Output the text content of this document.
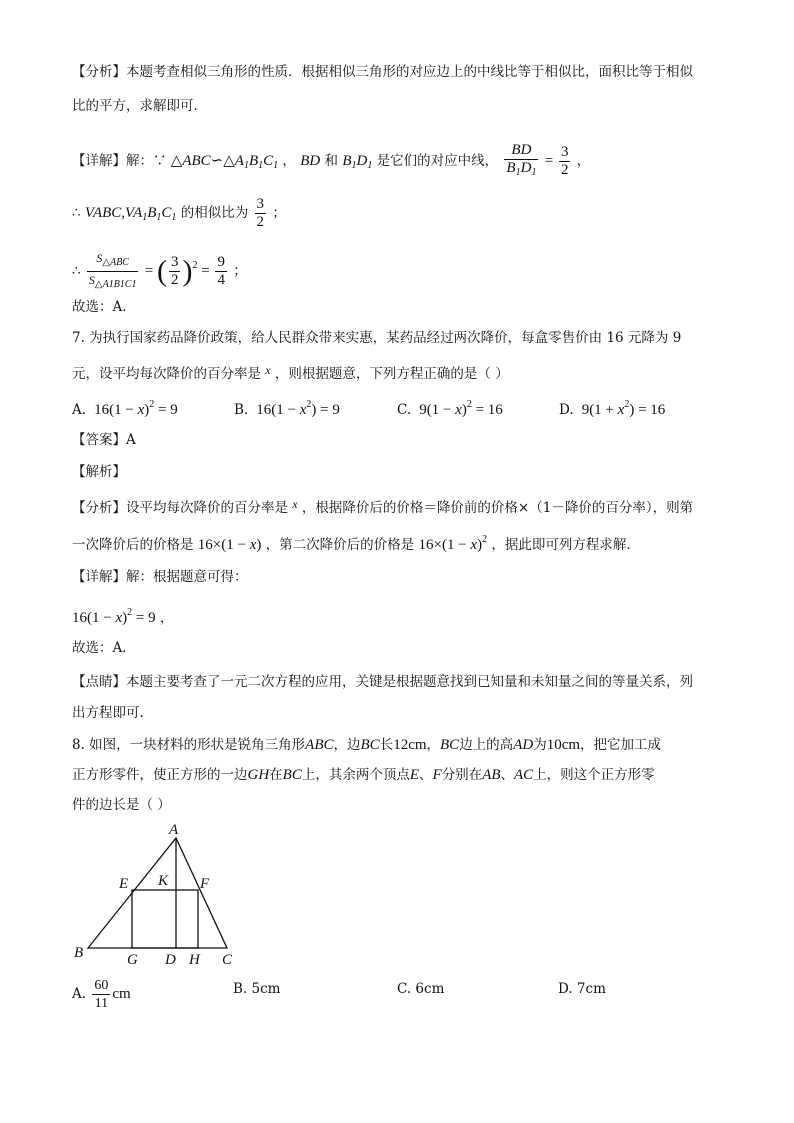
【分析】本题考查相似三角形的性质．根据相似三角形的对应边上的中线比等于相似比，面积比等于相似
比的平方，求解即可．
【详解】解：∵ $\triangle ABC∽\triangle A_1B_1C_1$ ， BD 和 $B_1D_1$ 是它们的对应中线， $\frac{BD}{B_1D_1} = \frac{3}{2}$ ，
∴ $VABC,VA_1B_1C_1$ 的相似比为 $\frac{3}{2}$ ；
∴ $\frac{S_{\triangle ABC}}{S_{\triangle A1B1C1}}$ = ( $\frac{3}{2} )^2 = \frac{9}{4}$ ；
故选：A．
7. 为执行国家药品降价政策，给人民群众带来实惠，某药品经过两次降价，每盒零售价由 16 元降为 9
元，设平均每次降价的百分率是 x ，则根据题意，下列方程正确的是（ ）
A.  $16(1 - x)^2 = 9$	B.  $16(1 - x^2) = 9$	C.  $9(1 - x)^2 = 16$	D.  $9(1 + x^2) = 16$
【答案】A
【解析】
【分析】设平均每次降价的百分率是 x ，根据降价后的价格＝降价前的价格×（1－降价的百分率），则第
一次降价后的价格是 16×(1 − x) ，第二次降价后的价格是 $16\times(1 - x)^2$ ，据此即可列方程求解．
【详解】解：根据题意可得：
$16(1 - x)^2 = 9$ ，
故选：A．
【点睛】本题主要考查了一元二次方程的应用，关键是根据题意找到已知量和未知量之间的等量关系，列
出方程即可．
8. 如图，一块材料的形状是锐角三角形ABC，边BC长12cm，BC边上的高AD为10cm，把它加工成
正方形零件，使正方形的一边GH在BC上，其余两个顶点E、F分别在AB、AC上，则这个正方形零
件的边长是（ ）
A
E K F
B	G D H C
A. $\frac{60}{11}$ cm	B. 5cm	C. 6cm	D. 7cm
